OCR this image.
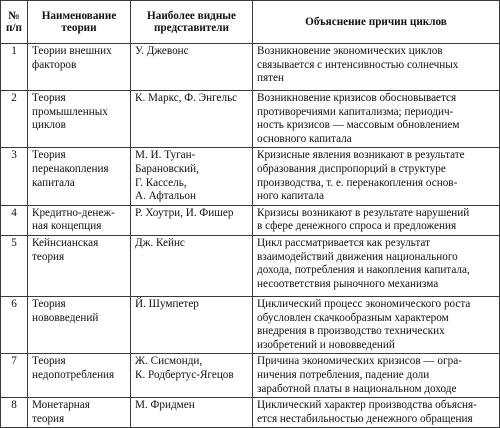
№
п/п	Наименование
теории	Наиболее видные
представители	Объяснение причин циклов

1	Теории внешних
факторов	У. Джевонс	Возникновение экономических циклов
связывается с интенсивностью солнечных
пятен

2	Теория
промышленных
циклов	К. Маркс, Ф. Энгельс	Возникновение кризисов обосновывается
противоречиями капитализма; периодич-
ность кризисов — массовым обновлением
основного капитала

3	Теория
перенакопления
капитала	М. И. Туган-
Барановский,
Г. Кассель,
А. Афтальон	Кризисные явления возникают в результате
образования диспропорций в структуре
производства, т. е. перенакопления основ-
ного капитала

4	Кредитно-денеж-
ная концепция	Р. Хоутри, И. Фишер	Кризисы возникают в результате нарушений
в сфере денежного спроса и предложения

5	Кейнсианская
теория	Дж. Кейнс	Цикл рассматривается как результат
взаимодействий движения национального
дохода, потребления и накопления капитала,
несоответствия рыночного механизма

6	Теория
нововведений	Й. Шумпетер	Циклический процесс экономического роста
обусловлен скачкообразным характером
внедрения в производство технических
изобретений и нововведений

7	Теория
недопотребления	Ж. Сисмонди,
К. Родбертус-Ягецов	Причина экономических кризисов — огра-
ничения потребления, падение доли
заработной платы в национальном доходе

8	Монетарная
теория	М. Фридмен	Циклический характер производства объясня-
ется нестабильностью денежного обращения
